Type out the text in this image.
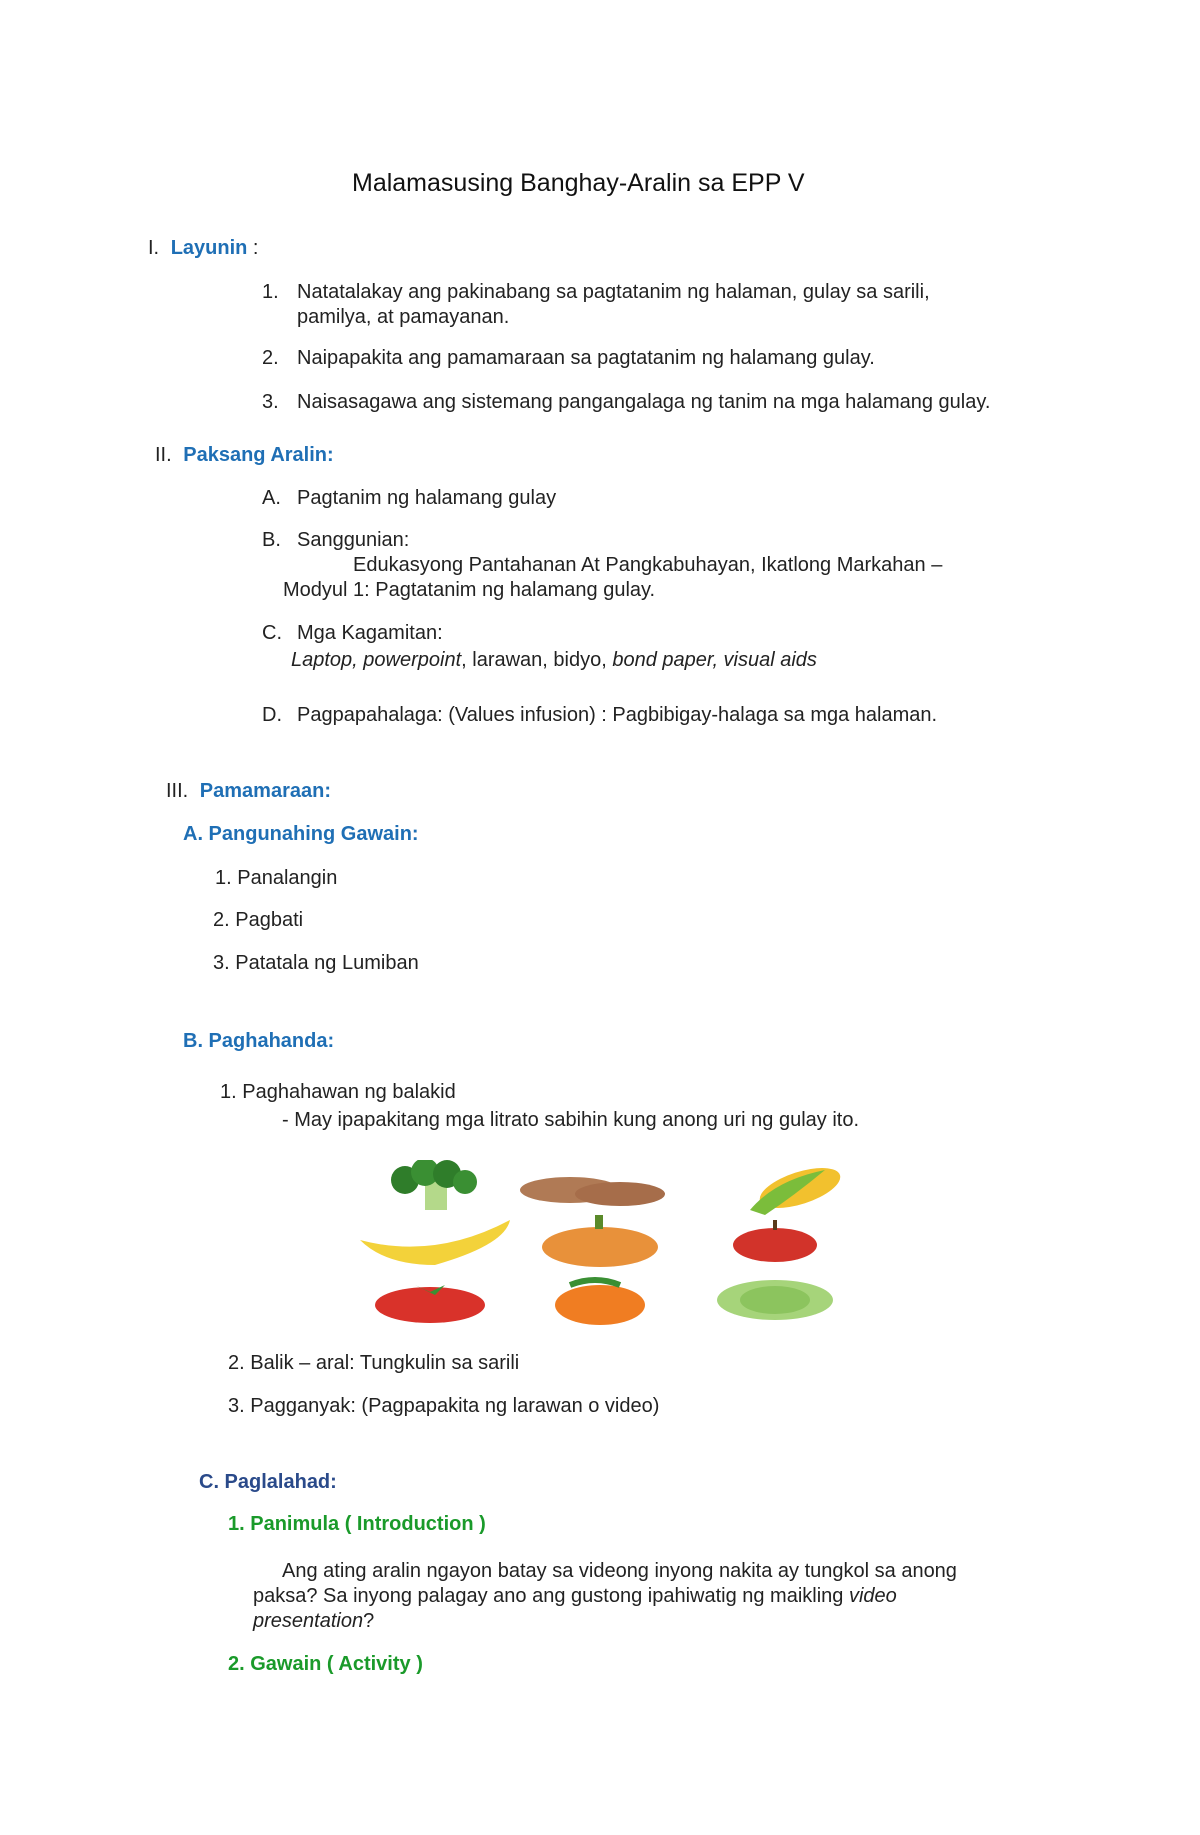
Malamasusing Banghay-Aralin sa EPP V
I. Layunin :
1. Natatalakay ang pakinabang sa pagtatanim ng halaman, gulay sa sarili,
pamilya, at pamayanan.
2. Naipapakita ang pamamaraan sa pagtatanim ng halamang gulay.
3. Naisasagawa ang sistemang pangangalaga ng tanim na mga halamang gulay.
II. Paksang Aralin:
A. Pagtanim ng halamang gulay
B. Sanggunian:
Edukasyong Pantahanan At Pangkabuhayan, Ikatlong Markahan –
Modyul 1: Pagtatanim ng halamang gulay.
C. Mga Kagamitan:
Laptop, powerpoint, larawan, bidyo, bond paper, visual aids
D. Pagpapahalaga: (Values infusion) : Pagbibigay-halaga sa mga halaman.
III. Pamamaraan:
A. Pangunahing Gawain:
1. Panalangin
2. Pagbati
3. Patatala ng Lumiban
B. Paghahanda:
1. Paghahawan ng balakid
- May ipapakitang mga litrato sabihin kung anong uri ng gulay ito.
2. Balik – aral: Tungkulin sa sarili
3. Pagganyak: (Pagpapakita ng larawan o video)
C. Paglalahad:
1. Panimula ( Introduction )
Ang ating aralin ngayon batay sa videong inyong nakita ay tungkol sa anong
paksa? Sa inyong palagay ano ang gustong ipahiwatig ng maikling video
presentation?
2. Gawain ( Activity )
